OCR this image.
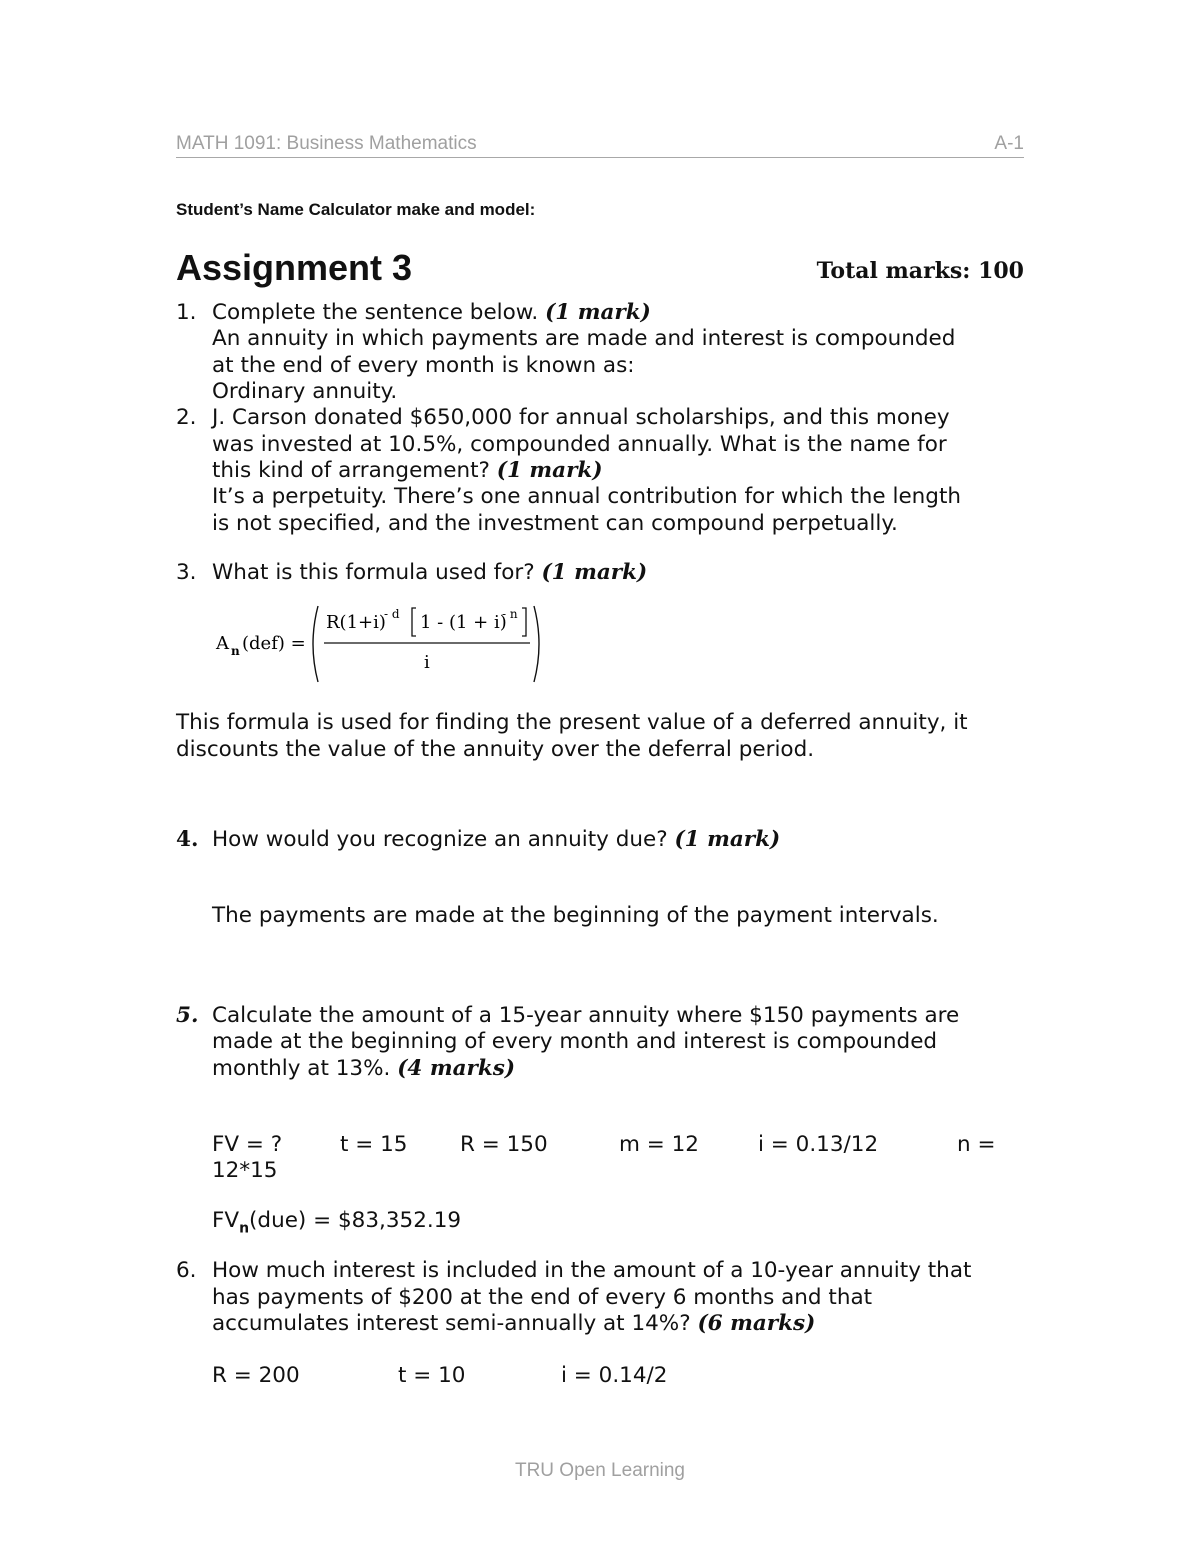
MATH 1091: Business Mathematics	A-1
Student’s Name Calculator make and model:
Assignment 3	Total marks: 100
1. Complete the sentence below. (1 mark)
An annuity in which payments are made and interest is compounded
at the end of every month is known as:
Ordinary annuity.
2. J. Carson donated $650,000 for annual scholarships, and this money
was invested at 10.5%, compounded annually. What is the name for
this kind of arrangement? (1 mark)
It’s a perpetuity. There’s one annual contribution for which the length
is not specified, and the investment can compound perpetually.
3. What is this formula used for? (1 mark)
A n (def) =
R(1+i)
- d 1 - (1 + i)
- n
i
This formula is used for finding the present value of a deferred annuity, it
discounts the value of the annuity over the deferral period.
4. How would you recognize an annuity due? (1 mark)
The payments are made at the beginning of the payment intervals.
5. Calculate the amount of a 15-year annuity where $150 payments are
made at the beginning of every month and interest is compounded
monthly at 13%. (4 marks)
FV = ?	t = 15 R = 150	m = 12	i = 0.13/12	n =
12*15
$FV_n(due)$ = $83,352.19
6. How much interest is included in the amount of a 10-year annuity that
has payments of $200 at the end of every 6 months and that
accumulates interest semi-annually at 14%? (6 marks)
R = 200	t = 10	i = 0.14/2
TRU Open Learning
